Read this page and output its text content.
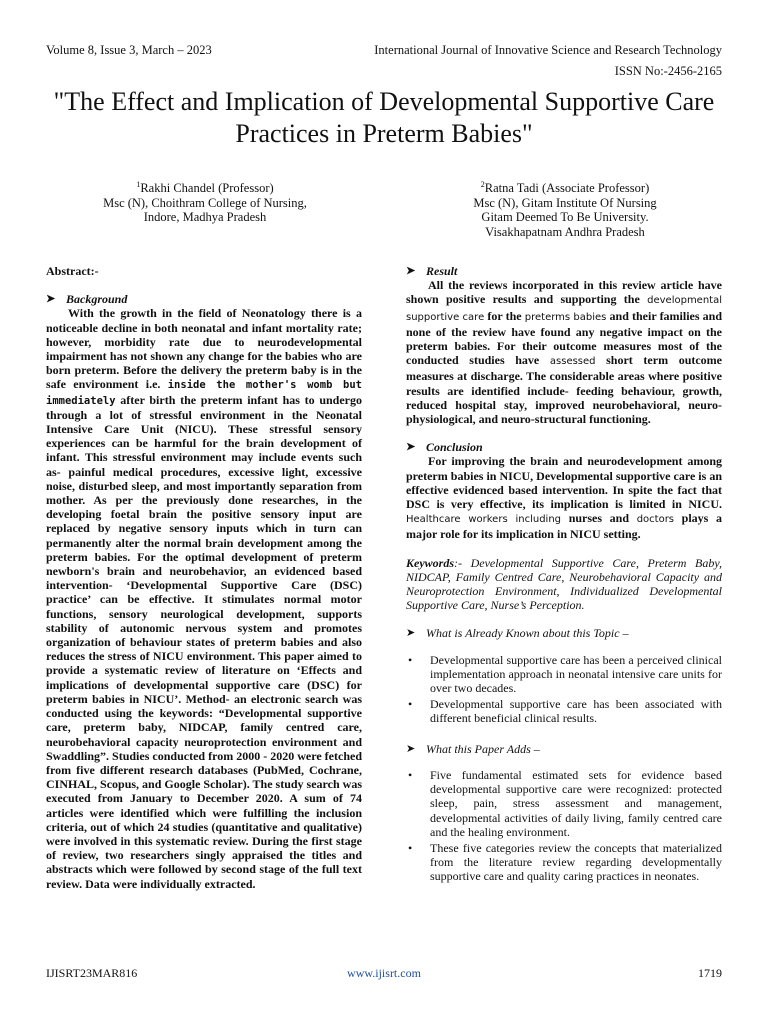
Volume 8, Issue 3, March – 2023	International Journal of Innovative Science and Research Technology
ISSN No:-2456-2165
"The Effect and Implication of Developmental Supportive Care Practices in Preterm Babies"
$^1$Rakhi Chandel (Professor)
Msc (N), Choithram College of Nursing,
Indore, Madhya Pradesh
$^2$Ratna Tadi (Associate Professor)
Msc (N), Gitam Institute Of Nursing
Gitam Deemed To Be University.
Visakhapatnam Andhra Pradesh
Abstract:-
➤ Background

With the growth in the field of Neonatology there is a noticeable decline in both neonatal and infant mortality rate; however, morbidity rate due to neurodevelopmental impairment has not shown any change for the babies who are born preterm. Before the delivery the preterm baby is in the safe environment i.e. inside the mother's womb but immediately after birth the preterm infant has to undergo through a lot of stressful environment in the Neonatal Intensive Care Unit (NICU). These stressful sensory experiences can be harmful for the brain development of infant. This stressful environment may include events such as- painful medical procedures, excessive light, excessive noise, disturbed sleep, and most importantly separation from mother. As per the previously done researches, in the developing foetal brain the positive sensory input are replaced by negative sensory inputs which in turn can permanently alter the normal brain development among the preterm babies. For the optimal development of preterm newborn's brain and neurobehavior, an evidenced based intervention- ‘Developmental Supportive Care (DSC) practice’ can be effective. It stimulates normal motor functions, sensory neurological development, supports stability of autonomic nervous system and promotes organization of behaviour states of preterm babies and also reduces the stress of NICU environment. This paper aimed to provide a systematic review of literature on ‘Effects and implications of developmental supportive care (DSC) for preterm babies in NICU’. Method- an electronic search was conducted using the keywords: “Developmental supportive care, preterm baby, NIDCAP, family centred care, neurobehavioral capacity neuroprotection environment and Swaddling”. Studies conducted from 2000 - 2020 were fetched from five different research databases (PubMed, Cochrane, CINHAL, Scopus, and Google Scholar). The study search was executed from January to December 2020. A sum of 74 articles were identified which were fulfilling the inclusion criteria, out of which 24 studies (quantitative and qualitative) were involved in this systematic review. During the first stage of review, two researchers singly appraised the titles and abstracts which were followed by second stage of the full text review. Data were individually extracted.

➤ Result

All the reviews incorporated in this review article have shown positive results and supporting the developmental supportive care for the preterms babies and their families and none of the review have found any negative impact on the preterm babies. For their outcome measures most of the conducted studies have assessed short term outcome measures at discharge. The considerable areas where positive results are identified include- feeding behaviour, growth, reduced hospital stay, improved neurobehavioral, neuro-physiological, and neuro-structural functioning.

➤ Conclusion

For improving the brain and neurodevelopment among preterm babies in NICU, Developmental supportive care is an effective evidenced based intervention. In spite the fact that DSC is very effective, its implication is limited in NICU. Healthcare workers including nurses and doctors plays a major role for its implication in NICU setting.

Keywords:- Developmental Supportive Care, Preterm Baby, NIDCAP, Family Centred Care, Neurobehavioral Capacity and Neuroprotection Environment, Individualized Developmental Supportive Care, Nurse’s Perception.

➤ What is Already Known about this Topic –
• Developmental supportive care has been a perceived clinical implementation approach in neonatal intensive care units for over two decades.
• Developmental supportive care has been associated with different beneficial clinical results.
➤ What this Paper Adds –
• Five fundamental estimated sets for evidence based developmental supportive care were recognized: protected sleep, pain, stress assessment and management, developmental activities of daily living, family centred care and the healing environment.
• These five categories review the concepts that materialized from the literature review regarding developmentally supportive care and quality caring practices in neonates.
IJISRT23MAR816	www.ijisrt.com	1719
